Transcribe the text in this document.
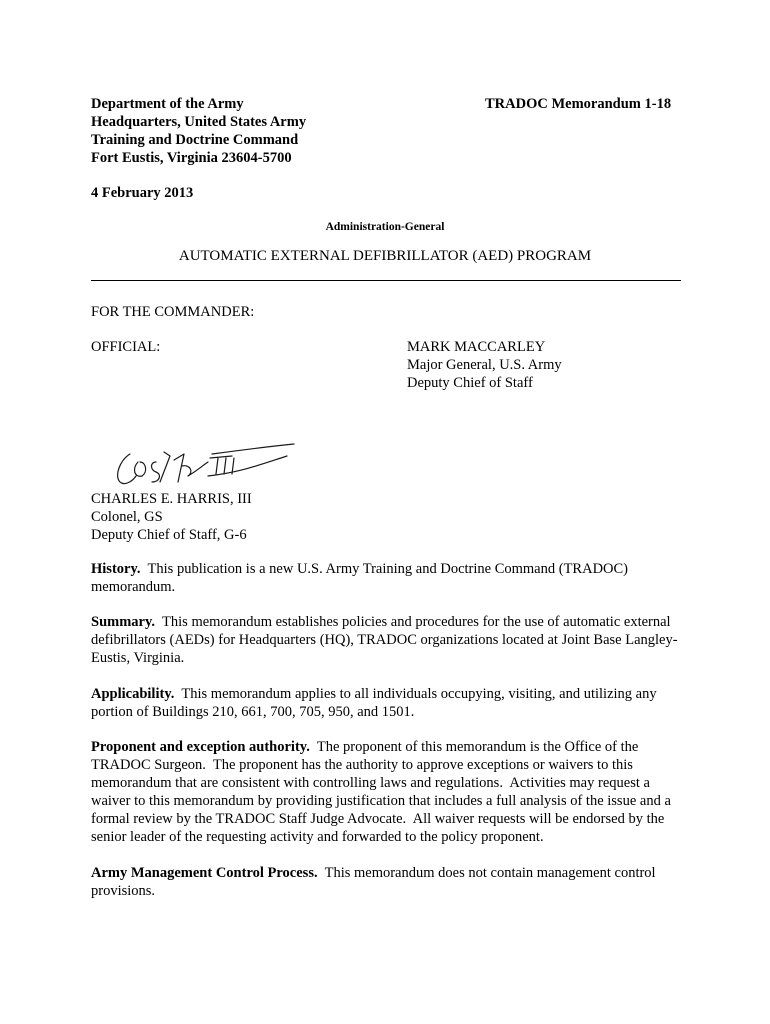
Department of the Army
Headquarters, United States Army
Training and Doctrine Command
Fort Eustis, Virginia 23604-5700
TRADOC Memorandum 1-18
4 February 2013
Administration-General
AUTOMATIC EXTERNAL DEFIBRILLATOR (AED) PROGRAM
FOR THE COMMANDER:
OFFICIAL:	MARK MACCARLEY
Major General, U.S. Army
Deputy Chief of Staff
CHARLES E. HARRIS, III
Colonel, GS
Deputy Chief of Staff, G-6
History.  This publication is a new U.S. Army Training and Doctrine Command (TRADOC) memorandum.
Summary.  This memorandum establishes policies and procedures for the use of automatic external defibrillators (AEDs) for Headquarters (HQ), TRADOC organizations located at Joint Base Langley-Eustis, Virginia.
Applicability.  This memorandum applies to all individuals occupying, visiting, and utilizing any portion of Buildings 210, 661, 700, 705, 950, and 1501.
Proponent and exception authority.  The proponent of this memorandum is the Office of the TRADOC Surgeon.  The proponent has the authority to approve exceptions or waivers to this memorandum that are consistent with controlling laws and regulations.  Activities may request a waiver to this memorandum by providing justification that includes a full analysis of the issue and a formal review by the TRADOC Staff Judge Advocate.  All waiver requests will be endorsed by the senior leader of the requesting activity and forwarded to the policy proponent.
Army Management Control Process.  This memorandum does not contain management control provisions.
